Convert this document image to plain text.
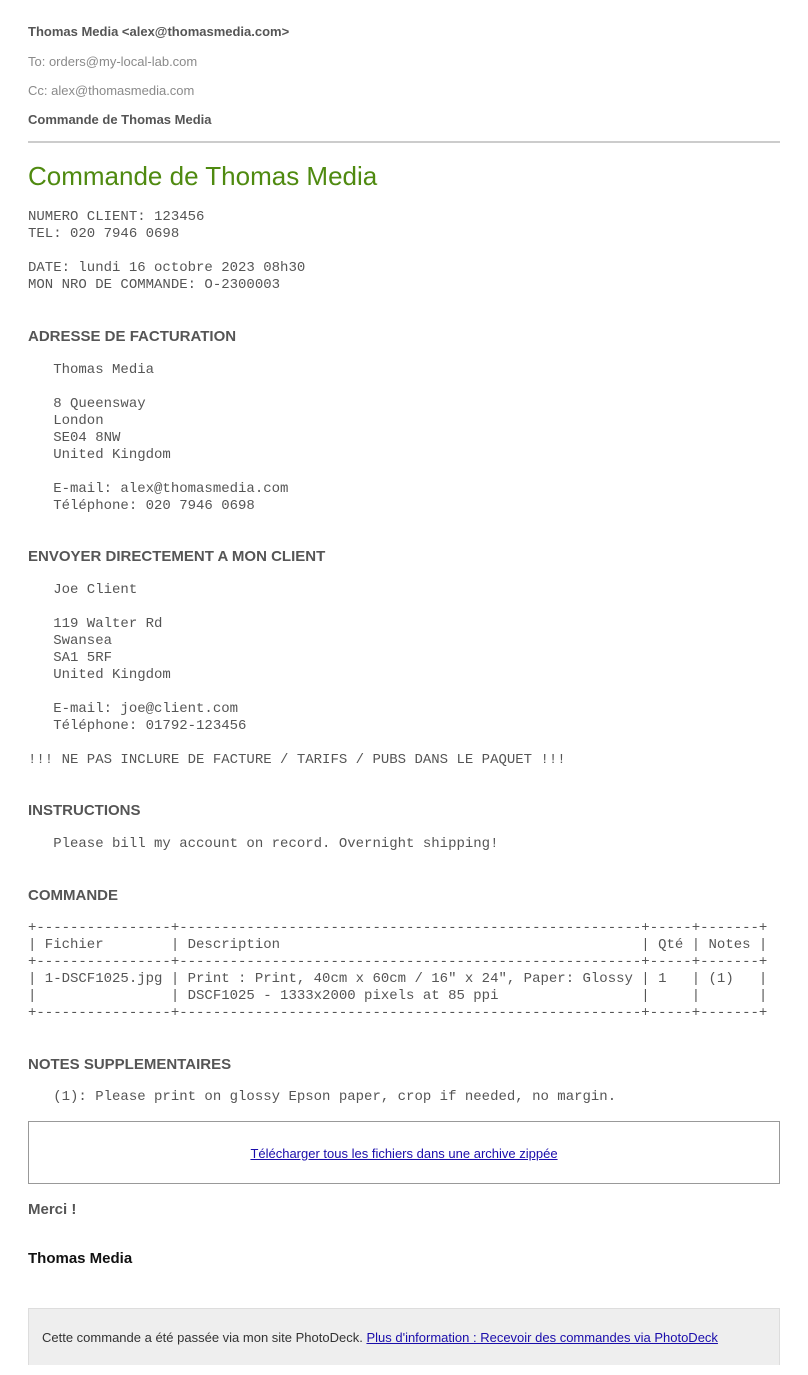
Thomas Media <alex@thomasmedia.com>
To: orders@my-local-lab.com
Cc: alex@thomasmedia.com
Commande de Thomas Media
Commande de Thomas Media
NUMERO CLIENT: 123456
TEL: 020 7946 0698

DATE: lundi 16 octobre 2023 08h30
MON NRO DE COMMANDE: O-2300003
ADRESSE DE FACTURATION
Thomas Media

8 Queensway
London
SE04 8NW
United Kingdom

E-mail: alex@thomasmedia.com
Téléphone: 020 7946 0698
ENVOYER DIRECTEMENT A MON CLIENT
Joe Client

119 Walter Rd
Swansea
SA1 5RF
United Kingdom

E-mail: joe@client.com
Téléphone: 01792-123456

!!! NE PAS INCLURE DE FACTURE / TARIFS / PUBS DANS LE PAQUET !!!
INSTRUCTIONS
Please bill my account on record. Overnight shipping!
COMMANDE
+----------------+-------------------------------------------------------+-----+-------+
| Fichier        | Description                                           | Qté | Notes |
+----------------+-------------------------------------------------------+-----+-------+
| 1-DSCF1025.jpg | Print : Print, 40cm x 60cm / 16" x 24", Paper: Glossy | 1   | (1)   |
|                | DSCF1025 - 1333x2000 pixels at 85 ppi                 |     |       |
+----------------+-------------------------------------------------------+-----+-------+
NOTES SUPPLEMENTAIRES
(1): Please print on glossy Epson paper, crop if needed, no margin.
Télécharger tous les fichiers dans une archive zippée
Merci !
Thomas Media
Cette commande a été passée via mon site PhotoDeck. Plus d'information : Recevoir des commandes via PhotoDeck
